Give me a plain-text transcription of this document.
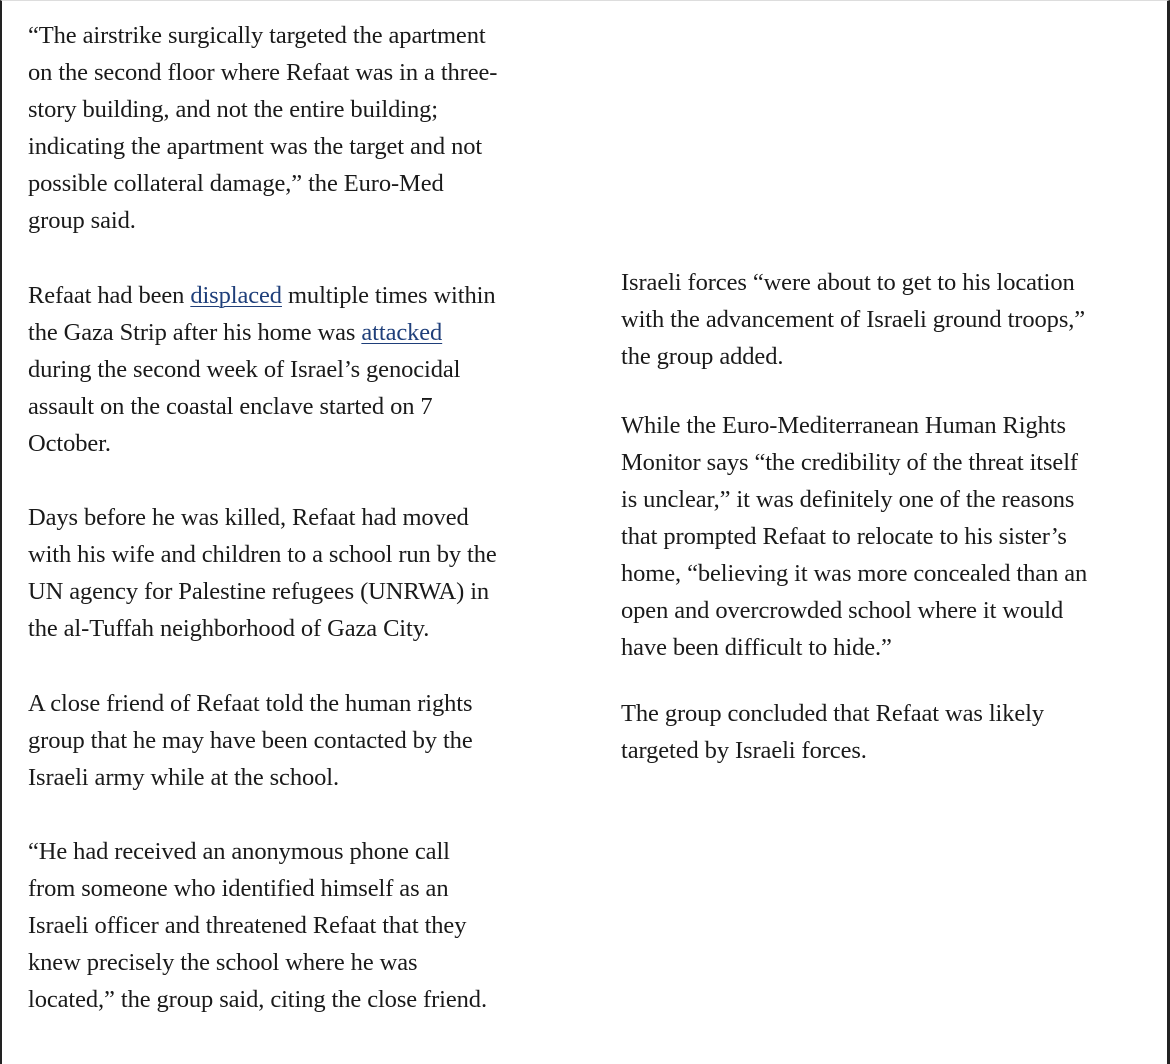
“The airstrike surgically targeted the apartment
on the second floor where Refaat was in a three-
story building, and not the entire building;
indicating the apartment was the target and not
possible collateral damage,” the Euro-Med
group said.

Refaat had been displaced multiple times within
the Gaza Strip after his home was attacked
during the second week of Israel’s genocidal
assault on the coastal enclave started on 7
October.

Days before he was killed, Refaat had moved
with his wife and children to a school run by the
UN agency for Palestine refugees (UNRWA) in
the al-Tuffah neighborhood of Gaza City.

A close friend of Refaat told the human rights
group that he may have been contacted by the
Israeli army while at the school.

“He had received an anonymous phone call
from someone who identified himself as an
Israeli officer and threatened Refaat that they
knew precisely the school where he was
located,” the group said, citing the close friend.

Israeli forces “were about to get to his location
with the advancement of Israeli ground troops,”
the group added.

While the Euro-Mediterranean Human Rights
Monitor says “the credibility of the threat itself
is unclear,” it was definitely one of the reasons
that prompted Refaat to relocate to his sister’s
home, “believing it was more concealed than an
open and overcrowded school where it would
have been difficult to hide.”

The group concluded that Refaat was likely
targeted by Israeli forces.
